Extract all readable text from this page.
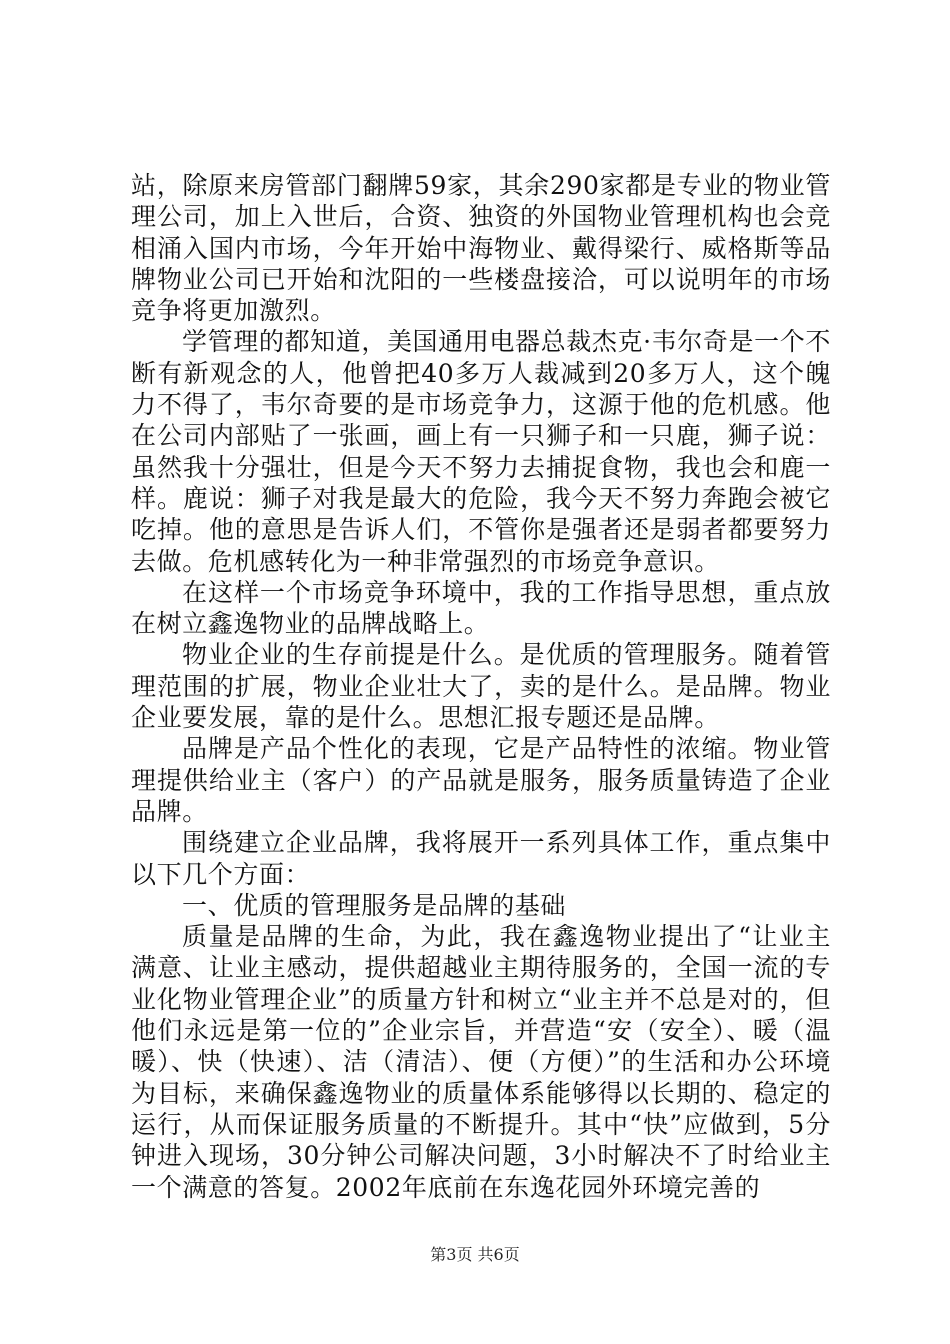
站，除原来房管部门翻牌59家，其余290家都是专业的物业管理公司，加上入世后，合资、独资的外国物业管理机构也会竞相涌入国内市场，今年开始中海物业、戴得梁行、威格斯等品牌物业公司已开始和沈阳的一些楼盘接洽，可以说明年的市场竞争将更加激烈。

学管理的都知道，美国通用电器总裁杰克·韦尔奇是一个不断有新观念的人，他曾把40多万人裁减到20多万人，这个魄力不得了，韦尔奇要的是市场竞争力，这源于他的危机感。他在公司内部贴了一张画，画上有一只狮子和一只鹿，狮子说：虽然我十分强壮，但是今天不努力去捕捉食物，我也会和鹿一样。鹿说：狮子对我是最大的危险，我今天不努力奔跑会被它吃掉。他的意思是告诉人们，不管你是强者还是弱者都要努力去做。危机感转化为一种非常强烈的市场竞争意识。

在这样一个市场竞争环境中，我的工作指导思想，重点放在树立鑫逸物业的品牌战略上。

物业企业的生存前提是什么。是优质的管理服务。随着管理范围的扩展，物业企业壮大了，卖的是什么。是品牌。物业企业要发展，靠的是什么。思想汇报专题还是品牌。

品牌是产品个性化的表现，它是产品特性的浓缩。物业管理提供给业主（客户）的产品就是服务，服务质量铸造了企业品牌。

围绕建立企业品牌，我将展开一系列具体工作，重点集中以下几个方面：

一、优质的管理服务是品牌的基础

质量是品牌的生命，为此，我在鑫逸物业提出了“让业主满意、让业主感动，提供超越业主期待服务的，全国一流的专业化物业管理企业”的质量方针和树立“业主并不总是对的，但他们永远是第一位的”企业宗旨，并营造“安（安全）、暖（温暖）、快（快速）、洁（清洁）、便（方便）”的生活和办公环境为目标，来确保鑫逸物业的质量体系能够得以长期的、稳定的运行，从而保证服务质量的不断提升。其中“快”应做到，5分钟进入现场，30分钟公司解决问题，3小时解决不了时给业主一个满意的答复。2002年底前在东逸花园外环境完善的

第3页 共6页
